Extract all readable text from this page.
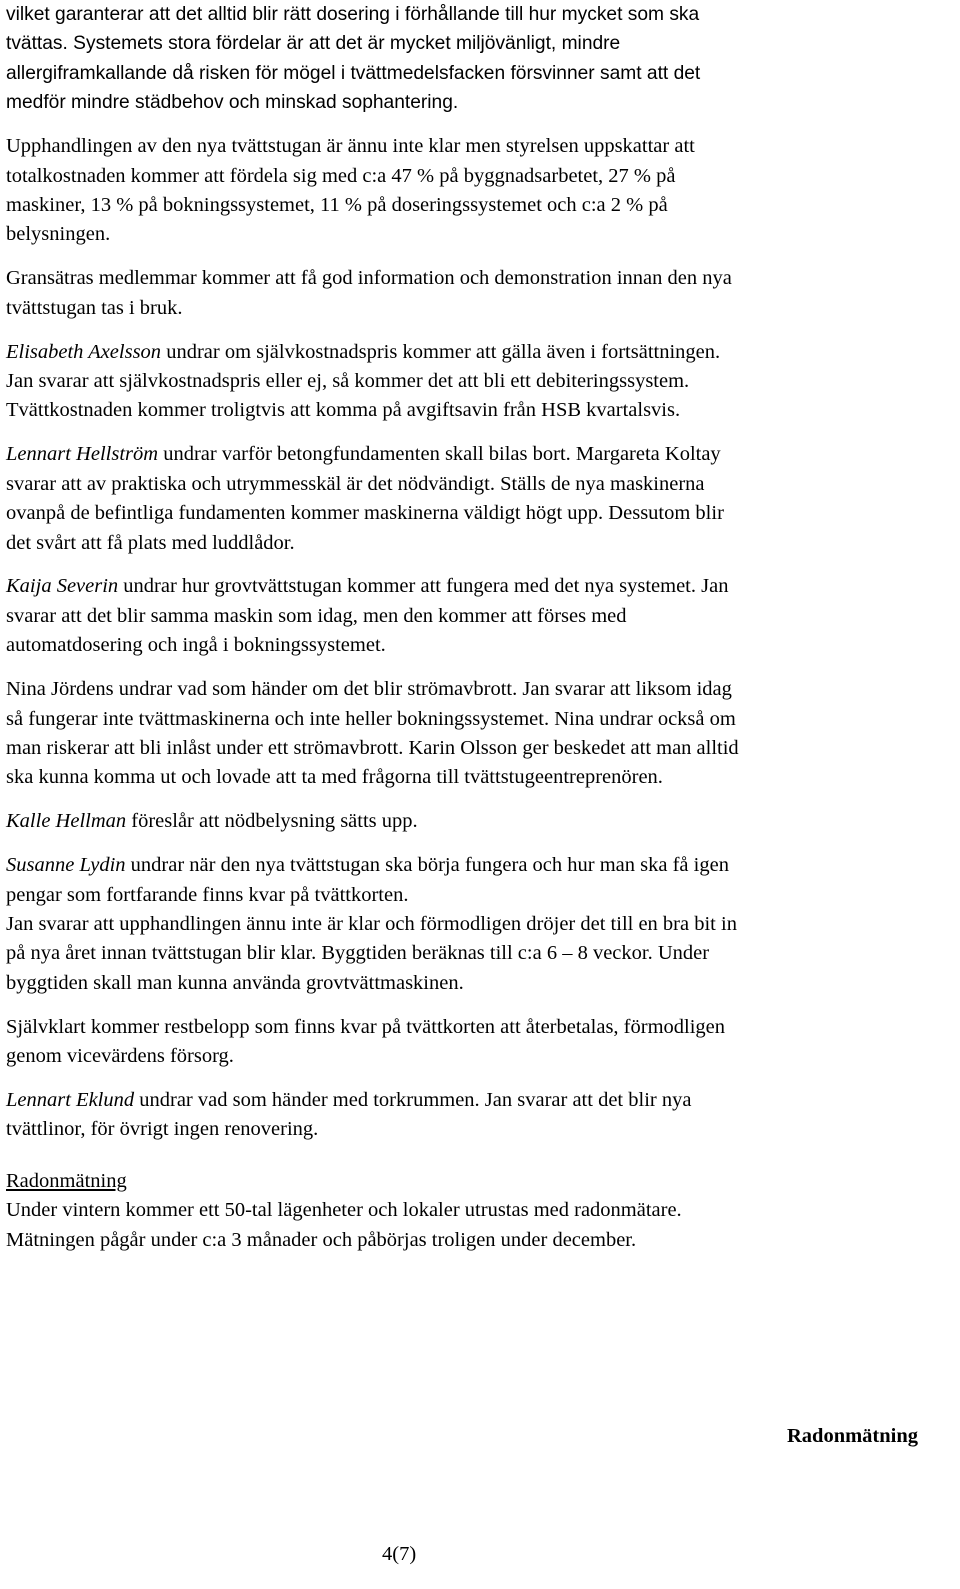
vilket garanterar att det alltid blir rätt dosering i förhållande till hur mycket som ska tvättas. Systemets stora fördelar är att det är mycket miljövänligt, mindre allergiframkallande då risken för mögel i tvättmedelsfacken försvinner samt att det medför mindre städbehov och minskad sophantering.

Upphandlingen av den nya tvättstugan är ännu inte klar men styrelsen uppskattar att totalkostnaden kommer att fördela sig med c:a 47 % på byggnadsarbetet, 27 % på maskiner, 13 % på bokningssystemet, 11 % på doseringssystemet och c:a 2 % på belysningen.

Gransätras medlemmar kommer att få god information och demonstration innan den nya tvättstugan tas i bruk.

Elisabeth Axelsson undrar om självkostnadspris kommer att gälla även i fortsättningen. Jan svarar att självkostnadspris eller ej, så kommer det att bli ett debiteringssystem. Tvättkostnaden kommer troligtvis att komma på avgiftsavin från HSB kvartalsvis.

Lennart Hellström undrar varför betongfundamenten skall bilas bort. Margareta Koltay svarar att av praktiska och utrymmesskäl är det nödvändigt. Ställs de nya maskinerna ovanpå de befintliga fundamenten kommer maskinerna väldigt högt upp. Dessutom blir det svårt att få plats med luddlådor.

Kaija Severin undrar hur grovtvättstugan kommer att fungera med det nya systemet. Jan svarar att det blir samma maskin som idag, men den kommer att förses med automatdosering och ingå i bokningssystemet.

Nina Jördens undrar vad som händer om det blir strömavbrott. Jan svarar att liksom idag så fungerar inte tvättmaskinerna och inte heller bokningssystemet. Nina undrar också om man riskerar att bli inlåst under ett strömavbrott. Karin Olsson ger beskedet att man alltid ska kunna komma ut och lovade att ta med frågorna till tvättstugeentreprenören.

Kalle Hellman föreslår att nödbelysning sätts upp.

Susanne Lydin undrar när den nya tvättstugan ska börja fungera och hur man ska få igen pengar som fortfarande finns kvar på tvättkorten.

Jan svarar att upphandlingen ännu inte är klar och förmodligen dröjer det till en bra bit in på nya året innan tvättstugan blir klar. Byggtiden beräknas till c:a 6 – 8 veckor. Under byggtiden skall man kunna använda grovtvättmaskinen.

Självklart kommer restbelopp som finns kvar på tvättkorten att återbetalas, förmodligen genom vicevärdens försorg.

Lennart Eklund undrar vad som händer med torkrummen. Jan svarar att det blir nya tvättlinor, för övrigt ingen renovering.

Radonmätning

Under vintern kommer ett 50-tal lägenheter och lokaler utrustas med radonmätare. Mätningen pågår under c:a 3 månader och påbörjas troligen under december.

Radonmätning
4(7)
